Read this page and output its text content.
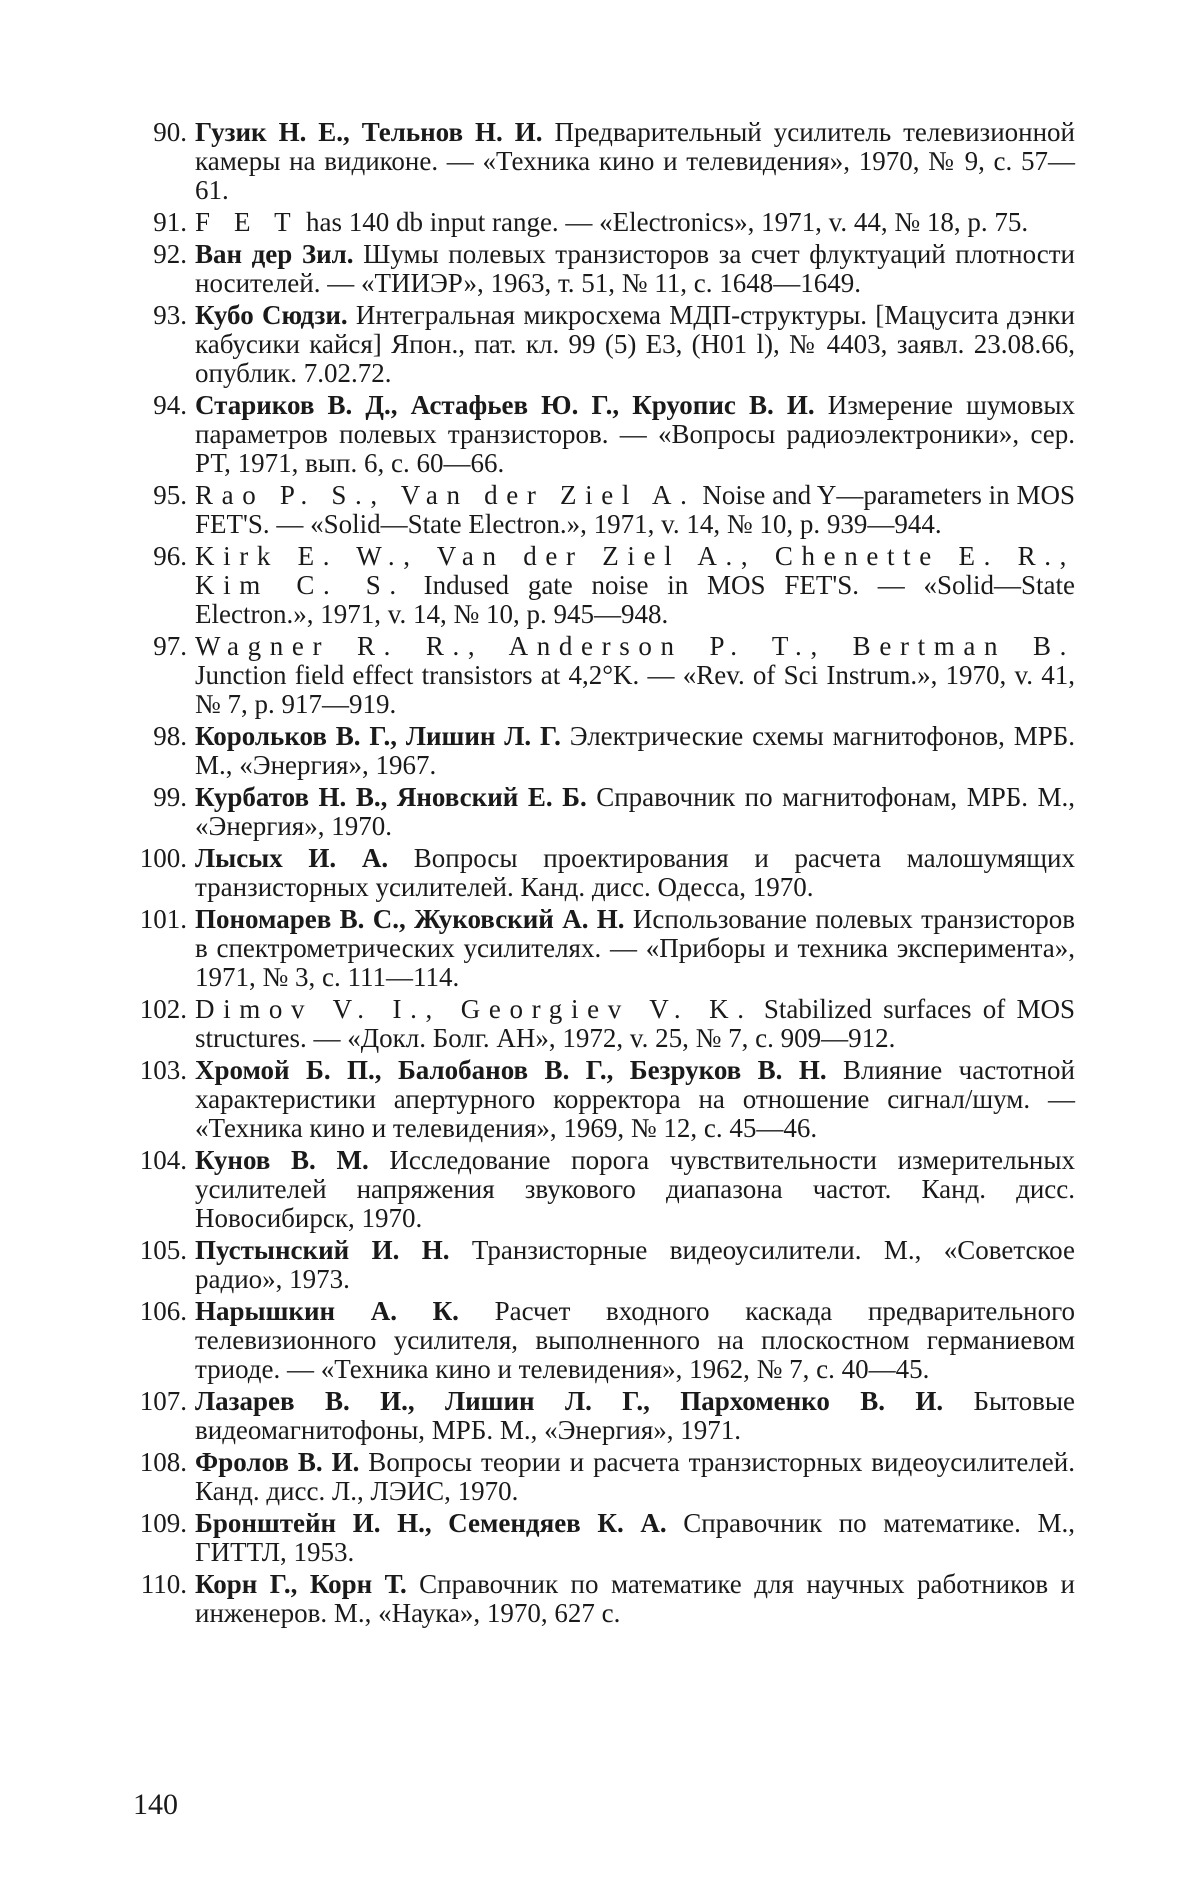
90. Гузик Н. Е., Тельнов Н. И. Предварительный усилитель телевизионной камеры на видиконе. — «Техника кино и телевидения», 1970, № 9, с. 57—61.
91. F E T has 140 db input range. — «Electronics», 1971, v. 44, № 18, p. 75.
92. Ван дер Зил. Шумы полевых транзисторов за счет флуктуаций плотности носителей. — «ТИИЭР», 1963, т. 51, № 11, с. 1648—1649.
93. Кубо Сюдзи. Интегральная микросхема МДП-структуры. [Мацусита дэнки кабусики кайся] Япон., пат. кл. 99 (5) Е3, (Н01 l), № 4403, заявл. 23.08.66, опублик. 7.02.72.
94. Стариков В. Д., Астафьев Ю. Г., Круопис В. И. Измерение шумовых параметров полевых транзисторов. — «Вопросы радиоэлектроники», сер. РТ, 1971, вып. 6, с. 60—66.
95. Rao P. S., Van der Ziel A. Noise and Y—parameters in MOS FET'S. — «Solid—State Electron.», 1971, v. 14, № 10, p. 939—944.
96. Kirk E. W., Van der Ziel A., Chenette E. R., Kim C. S. Indused gate noise in MOS FET'S. — «Solid—State Electron.», 1971, v. 14, № 10, p. 945—948.
97. Wagner R. R., Anderson P. T., Bertman B. Junction field effect transistors at 4,2°K. — «Rev. of Sci Instrum.», 1970, v. 41, № 7, p. 917—919.
98. Корольков В. Г., Лишин Л. Г. Электрические схемы магнитофонов, МРБ. М., «Энергия», 1967.
99. Курбатов Н. В., Яновский Е. Б. Справочник по магнитофонам, МРБ. М., «Энергия», 1970.
100. Лысых И. А. Вопросы проектирования и расчета малошумящих транзисторных усилителей. Канд. дисс. Одесса, 1970.
101. Пономарев В. С., Жуковский А. Н. Использование полевых транзисторов в спектрометрических усилителях. — «Приборы и техника эксперимента», 1971, № 3, с. 111—114.
102. Dimov V. I., Georgiev V. K. Stabilized surfaces of MOS structures. — «Докл. Болг. АН», 1972, v. 25, № 7, с. 909—912.
103. Хромой Б. П., Балобанов В. Г., Безруков В. Н. Влияние частотной характеристики апертурного корректора на отношение сигнал/шум. — «Техника кино и телевидения», 1969, № 12, с. 45—46.
104. Кунов В. М. Исследование порога чувствительности измерительных усилителей напряжения звукового диапазона частот. Канд. дисс. Новосибирск, 1970.
105. Пустынский И. Н. Транзисторные видеоусилители. М., «Советское радио», 1973.
106. Нарышкин А. К. Расчет входного каскада предварительного телевизионного усилителя, выполненного на плоскостном германиевом триоде. — «Техника кино и телевидения», 1962, № 7, с. 40—45.
107. Лазарев В. И., Лишин Л. Г., Пархоменко В. И. Бытовые видеомагнитофоны, МРБ. М., «Энергия», 1971.
108. Фролов В. И. Вопросы теории и расчета транзисторных видеоусилителей. Канд. дисс. Л., ЛЭИС, 1970.
109. Бронштейн И. Н., Семендяев К. А. Справочник по математике. М., ГИТТЛ, 1953.
110. Корн Г., Корн Т. Справочник по математике для научных работников и инженеров. М., «Наука», 1970, 627 с.
140
